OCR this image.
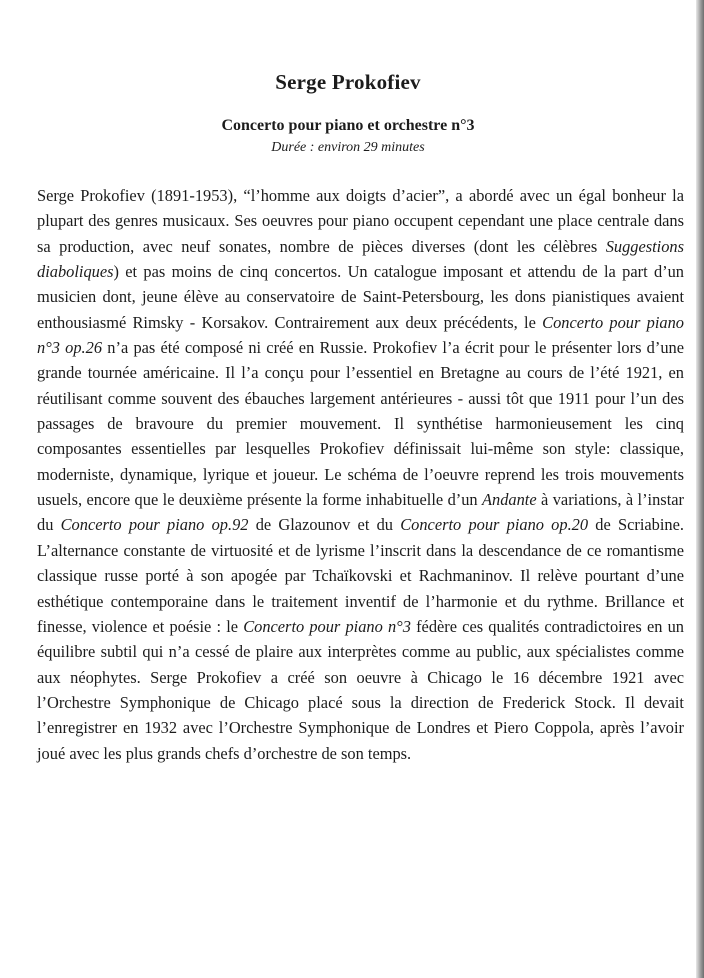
Serge Prokofiev
Concerto pour piano et orchestre n°3

Durée : environ 29 minutes

Serge Prokofiev (1891-1953), “l’homme aux doigts d’acier”, a abordé avec un égal bonheur la plupart des genres musicaux. Ses oeuvres pour piano occupent cependant une place centrale dans sa production, avec neuf sonates, nombre de pièces diverses (dont les célèbres Suggestions diaboliques) et pas moins de cinq concertos. Un catalogue imposant et attendu de la part d’un musicien dont, jeune élève au conservatoire de Saint-Petersbourg, les dons pianistiques avaient enthousiasmé Rimsky - Korsakov. Contrairement aux deux précédents, le Concerto pour piano n°3 op.26 n’a pas été composé ni créé en Russie. Prokofiev l’a écrit pour le présenter lors d’une grande tournée américaine. Il l’a conçu pour l’essentiel en Bretagne au cours de l’été 1921, en réutilisant comme souvent des ébauches largement antérieures - aussi tôt que 1911 pour l’un des passages de bravoure du premier mouvement. Il synthétise harmonieusement les cinq composantes essentielles par lesquelles Prokofiev définissait lui-même son style: classique, moderniste, dynamique, lyrique et joueur. Le schéma de l’oeuvre reprend les trois mouvements usuels, encore que le deuxième présente la forme inhabituelle d’un Andante à variations, à l’instar du Concerto pour piano op.92 de Glazounov et du Concerto pour piano op.20 de Scriabine. L’alternance constante de virtuosité et de lyrisme l’inscrit dans la descendance de ce romantisme classique russe porté à son apogée par Tchaïkovski et Rachmaninov. Il relève pourtant d’une esthétique contemporaine dans le traitement inventif de l’harmonie et du rythme. Brillance et finesse, violence et poésie : le Concerto pour piano n°3 fédère ces qualités contradictoires en un équilibre subtil qui n’a cessé de plaire aux interprètes comme au public, aux spécialistes comme aux néophytes. Serge Prokofiev a créé son oeuvre à Chicago le 16 décembre 1921 avec l’Orchestre Symphonique de Chicago placé sous la direction de Frederick Stock. Il devait l’enregistrer en 1932 avec l’Orchestre Symphonique de Londres et Piero Coppola, après l’avoir joué avec les plus grands chefs d’orchestre de son temps.
